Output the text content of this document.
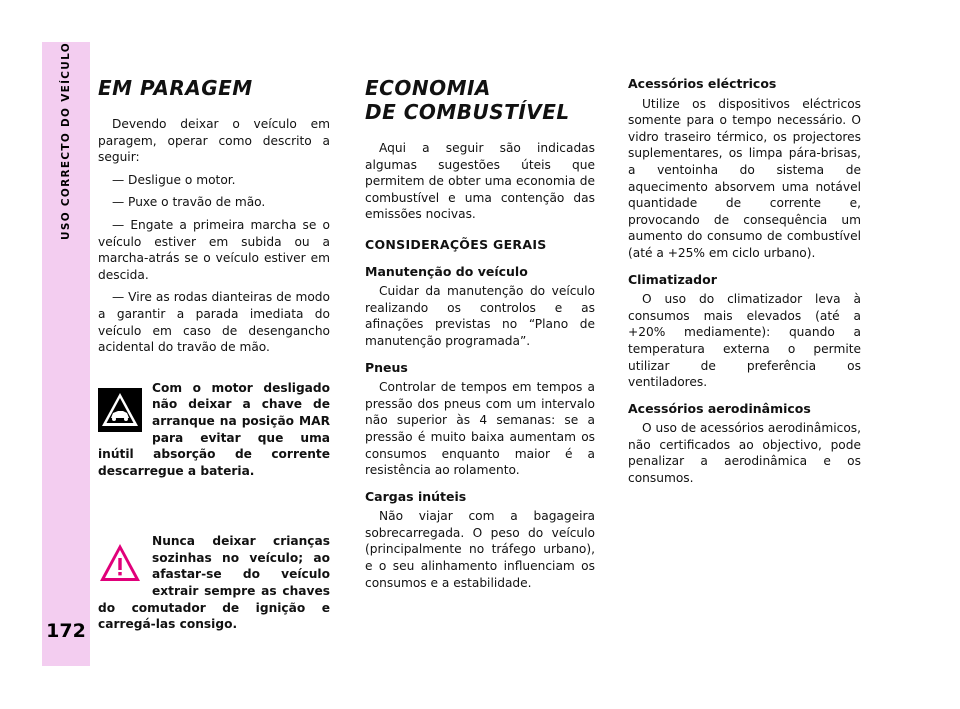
USO CORRECTO DO VEÍCULO
172
EM PARAGEM

Devendo deixar o veículo em paragem, operar como descrito a seguir:

— Desligue o motor.

— Puxe o travão de mão.

— Engate a primeira marcha se o veículo estiver em subida ou a marcha-atrás se o veículo estiver em descida.

— Vire as rodas dianteiras de modo a garantir a parada imediata do veículo em caso de desengancho acidental do travão de mão.

Com o motor desligado não deixar a chave de arranque na posição MAR para evitar que uma inútil absorção de corrente descarregue a bateria.
Nunca deixar crianças sozinhas no veículo; ao afastar-se do veículo extrair sempre as chaves do comutador de ignição e carregá-las consigo.
ECONOMIA
DE COMBUSTÍVEL

Aqui a seguir são indicadas algumas sugestões úteis que permitem de obter uma economia de combustível e uma contenção das emissões nocivas.

CONSIDERAÇÕES GERAIS
Manutenção do veículo

Cuidar da manutenção do veículo realizando os controlos e as afinações previstas no “Plano de manutenção programada”.

Pneus

Controlar de tempos em tempos a pressão dos pneus com um intervalo não superior às 4 semanas: se a pressão é muito baixa aumentam os consumos enquanto maior é a resistência ao rolamento.

Cargas inúteis

Não viajar com a bagageira sobrecarregada. O peso do veículo (principalmente no tráfego urbano), e o seu alinhamento influenciam os consumos e a estabilidade.

Acessórios eléctricos

Utilize os dispositivos eléctricos somente para o tempo necessário. O vidro traseiro térmico, os projectores suplementares, os limpa pára-brisas, a ventoinha do sistema de aquecimento absorvem uma notável quantidade de corrente e, provocando de consequência um aumento do consumo de combustível (até a +25% em ciclo urbano).

Climatizador

O uso do climatizador leva à consumos mais elevados (até a +20% mediamente): quando a temperatura externa o permite utilizar de preferência os ventiladores.

Acessórios aerodinâmicos

O uso de acessórios aerodinâmicos, não certificados ao objectivo, pode penalizar a aerodinâmica e os consumos.
